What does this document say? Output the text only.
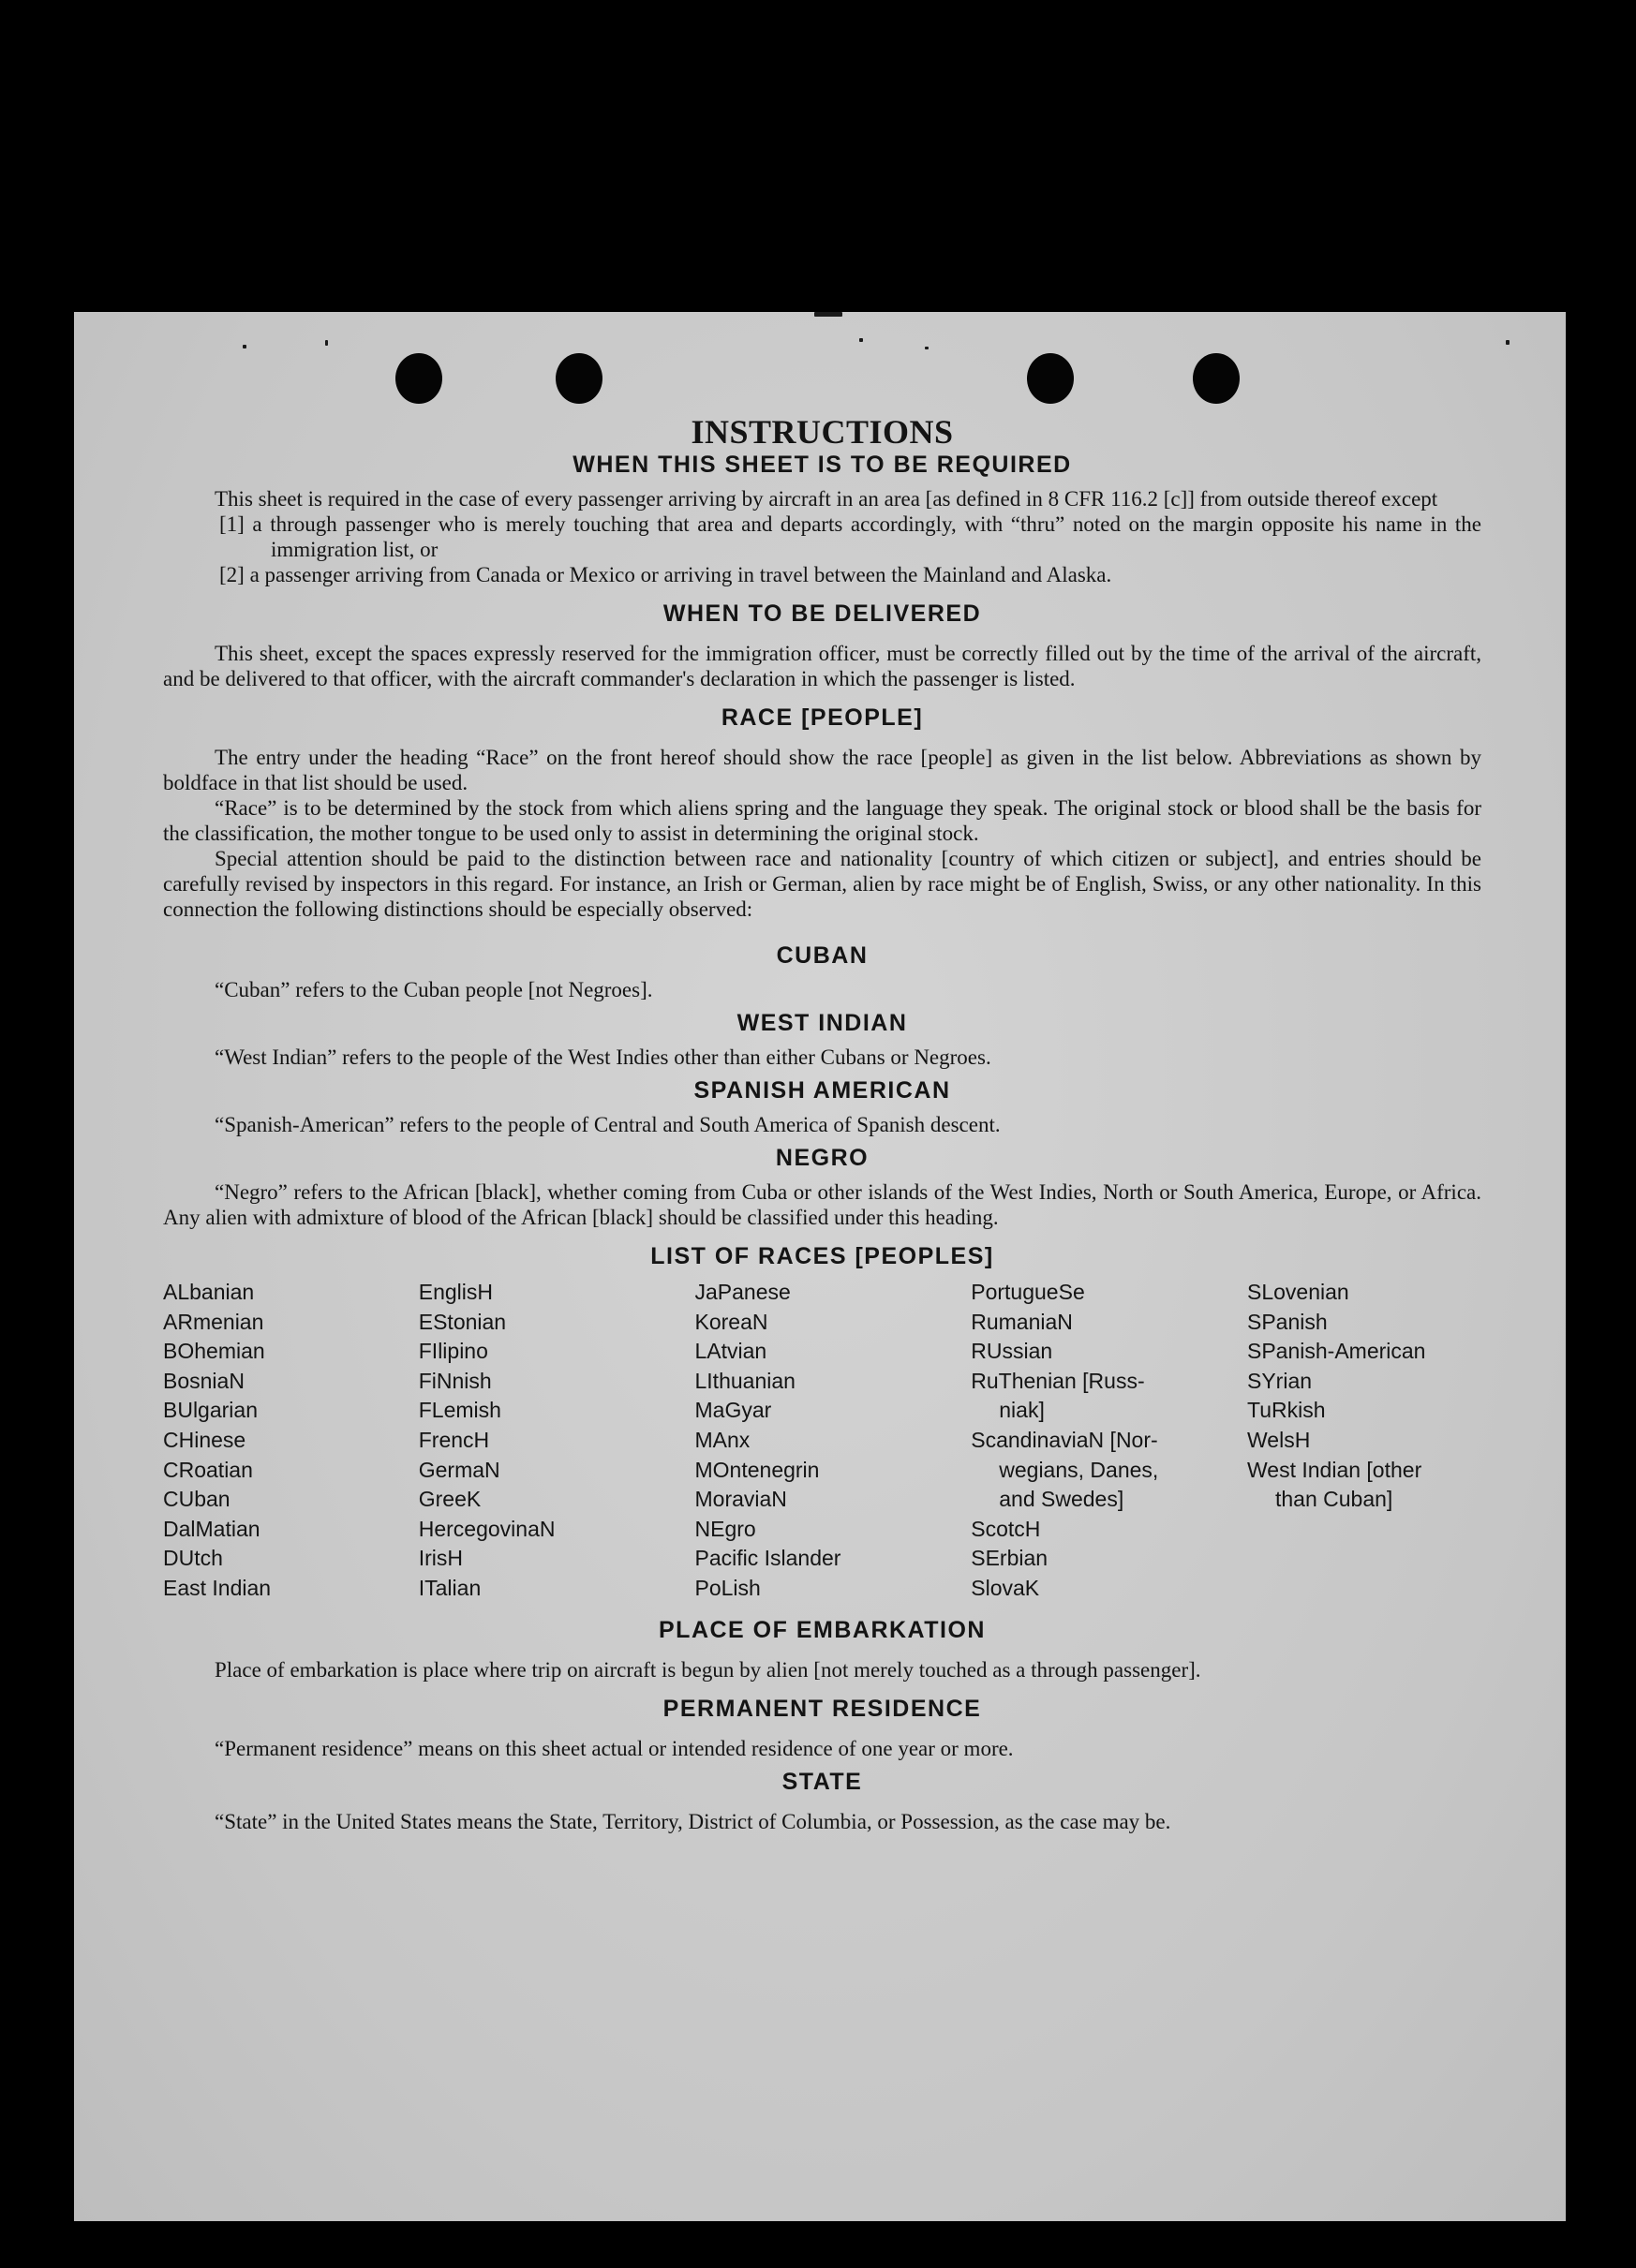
INSTRUCTIONS
WHEN THIS SHEET IS TO BE REQUIRED

This sheet is required in the case of every passenger arriving by aircraft in an area [as defined in 8 CFR 116.2 [c]] from outside thereof except

[1] a through passenger who is merely touching that area and departs accordingly, with “thru” noted on the margin opposite his name in the immigration list, or

[2] a passenger arriving from Canada or Mexico or arriving in travel between the Mainland and Alaska.

WHEN TO BE DELIVERED

This sheet, except the spaces expressly reserved for the immigration officer, must be correctly filled out by the time of the arrival of the aircraft, and be delivered to that officer, with the aircraft commander's declaration in which the passenger is listed.

RACE [PEOPLE]

The entry under the heading “Race” on the front hereof should show the race [people] as given in the list below. Abbreviations as shown by boldface in that list should be used.

“Race” is to be determined by the stock from which aliens spring and the language they speak. The original stock or blood shall be the basis for the classification, the mother tongue to be used only to assist in determining the original stock.

Special attention should be paid to the distinction between race and nationality [country of which citizen or subject], and entries should be carefully revised by inspectors in this regard. For instance, an Irish or German, alien by race might be of English, Swiss, or any other nationality. In this connection the following distinctions should be especially observed:

CUBAN

“Cuban” refers to the Cuban people [not Negroes].

WEST INDIAN

“West Indian” refers to the people of the West Indies other than either Cubans or Negroes.

SPANISH AMERICAN

“Spanish-American” refers to the people of Central and South America of Spanish descent.

NEGRO

“Negro” refers to the African [black], whether coming from Cuba or other islands of the West Indies, North or South America, Europe, or Africa. Any alien with admixture of blood of the African [black] should be classified under this heading.

LIST OF RACES [PEOPLES]
ALbanian
ARmenian
BOhemian
BosniaN
BUlgarian
CHinese
CRoatian
CUban
DalMatian
DUtch
East Indian
EnglisH
EStonian
FIlipino
FiNnish
FLemish
FrencH
GermaN
GreeK
HercegovinaN
IrisH
ITalian
JaPanese
KoreaN
LAtvian
LIthuanian
MaGyar
MAnx
MOntenegrin
MoraviaN
NEgro
Pacific Islander
PoLish
PortugueSe
RumaniaN
RUssian
RuThenian [Russ-
niak]
ScandinaviaN [Nor-
wegians, Danes,
and Swedes]
ScotcH
SErbian
SlovaK
SLovenian
SPanish
SPanish-American
SYrian
TuRkish
WelsH
West Indian [other
than Cuban]
PLACE OF EMBARKATION

Place of embarkation is place where trip on aircraft is begun by alien [not merely touched as a through passenger].

PERMANENT RESIDENCE

“Permanent residence” means on this sheet actual or intended residence of one year or more.

STATE

“State” in the United States means the State, Territory, District of Columbia, or Possession, as the case may be.
